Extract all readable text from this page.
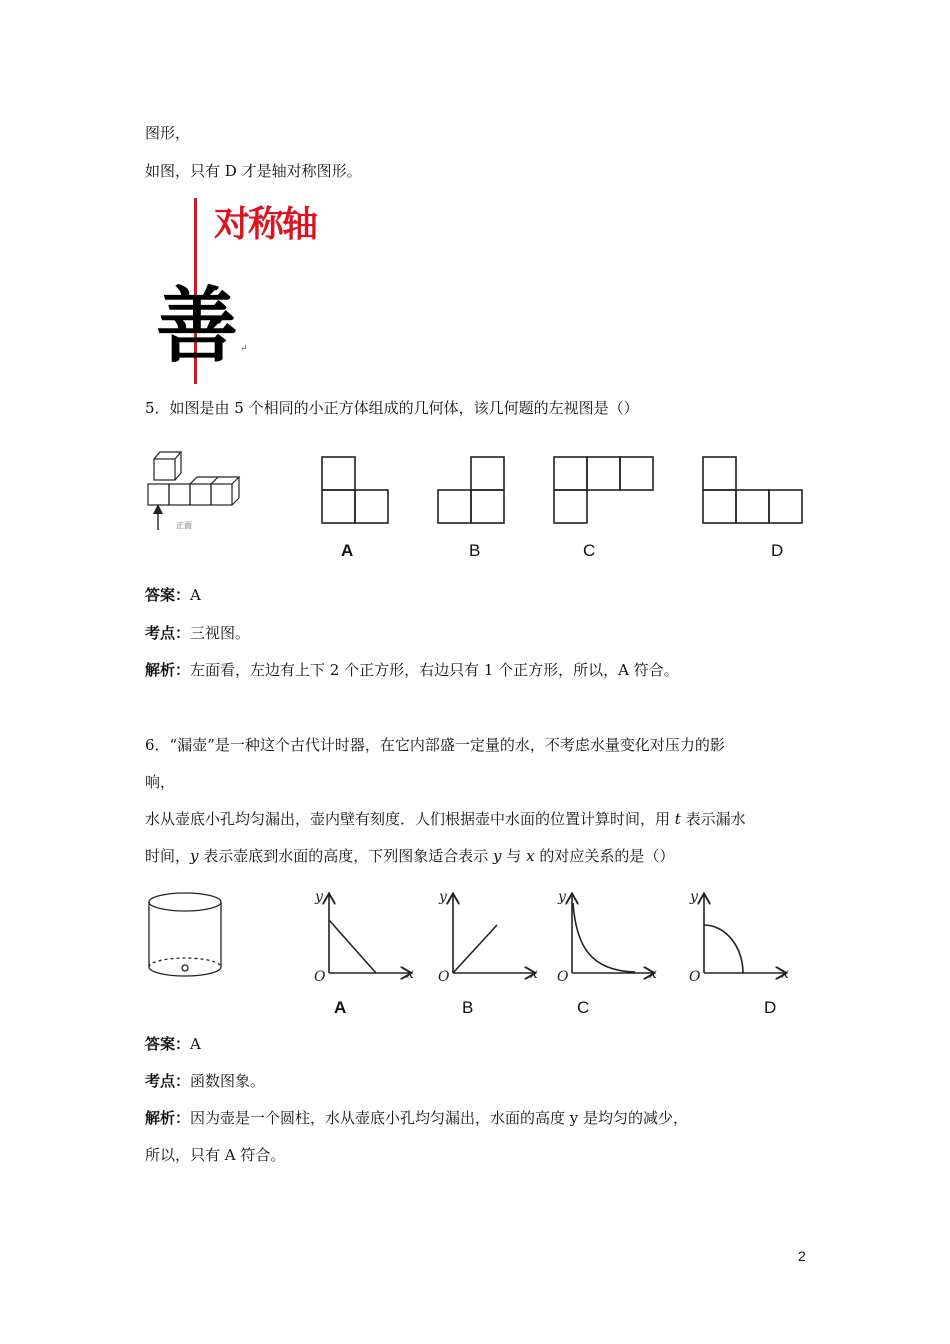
图形，
如图，只有 D 才是轴对称图形。
对称轴
善 ↵
5．如图是由 5 个相同的小正方体组成的几何体，该几何题的左视图是（）
正面
A	B	C	D
答案：A
考点：三视图。
解析：左面看，左边有上下 2 个正方形，右边只有 1 个正方形，所以，A 符合。
6．“漏壶”是一种这个古代计时器，在它内部盛一定量的水，不考虑水量变化对压力的影
响，
水从壶底小孔均匀漏出，壶内壁有刻度．人们根据壶中水面的位置计算时间，用 t 表示漏水
时间，y 表示壶底到水面的高度，下列图象适合表示 y 与 x 的对应关系的是（）
y
x
O
y
x
O
y
x
O
y
x
O
A	B	C	D
答案：A
考点：函数图象。
解析：因为壶是一个圆柱，水从壶底小孔均匀漏出，水面的高度 y 是均匀的减少，
所以，只有 A 符合。
2
